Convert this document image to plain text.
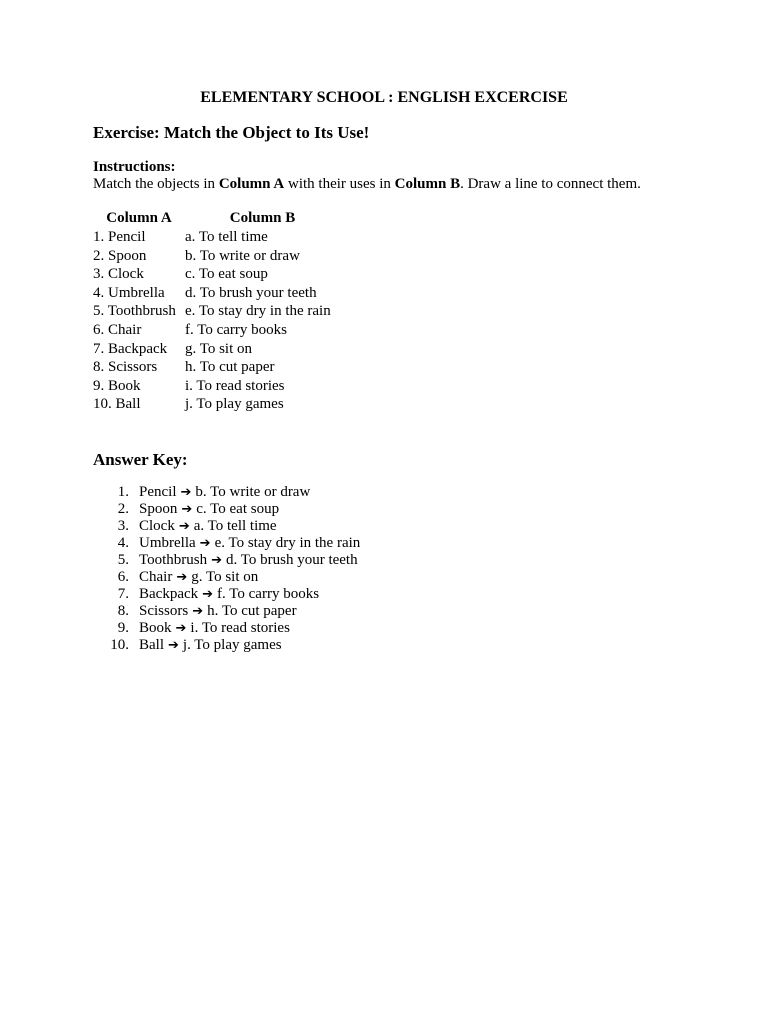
ELEMENTARY SCHOOL : ENGLISH EXCERCISE
Exercise: Match the Object to Its Use!
Instructions:
Match the objects in Column A with their uses in Column B. Draw a line to connect them.
Column A	Column B
1. Pencil	a. To tell time
2. Spoon	b. To write or draw
3. Clock	c. To eat soup
4. Umbrella	d. To brush your teeth
5. Toothbrush	e. To stay dry in the rain
6. Chair	f. To carry books
7. Backpack	g. To sit on
8. Scissors	h. To cut paper
9. Book	i. To read stories
10. Ball	j. To play games
Answer Key:
1. Pencil ➔ b. To write or draw
2. Spoon ➔ c. To eat soup
3. Clock ➔ a. To tell time
4. Umbrella ➔ e. To stay dry in the rain
5. Toothbrush ➔ d. To brush your teeth
6. Chair ➔ g. To sit on
7. Backpack ➔ f. To carry books
8. Scissors ➔ h. To cut paper
9. Book ➔ i. To read stories
10. Ball ➔ j. To play games
